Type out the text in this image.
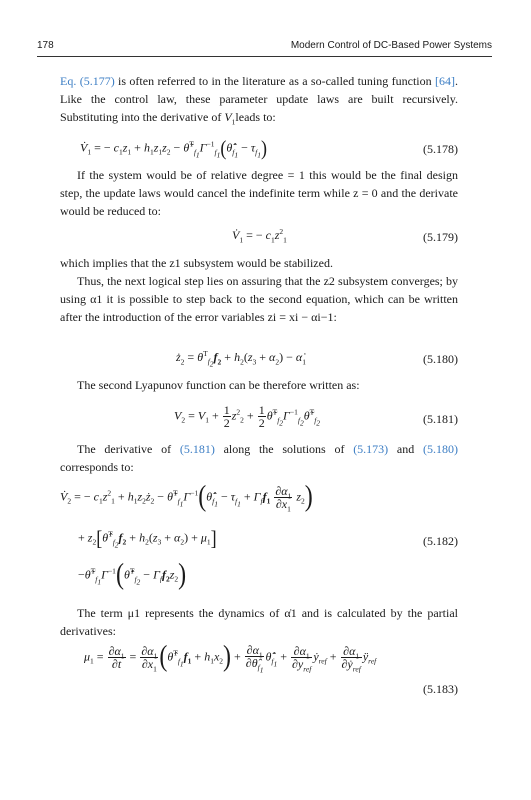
178	Modern Control of DC-Based Power Systems
Eq. (5.177) is often referred to in the literature as a so-called tuning function [64]. Like the control law, these parameter update laws are built recursively. Substituting into the derivative of $V_1leads$ to:
$V̇_1$ = − $c_1z_1 + h_1z_1z_2$ − $\thetã^T_{f_1}\Gamma^{-1}_{f_1}(\thetâ̇_{f_1} - \tau_{f_1})$	(5.178)
If the system would be of relative degree = 1 this would be the final design step, the update laws would cancel the indefinite term while z = 0 and the derivate would be reduced to:
$V̇_1$ = − $c_1z^2_1$	(5.179)
which implies that the z1 subsystem would be stabilized.
Thus, the next logical step lies on assuring that the z2 subsystem converges; by using α1 it is possible to step back to the second equation, which can be written after the introduction of the error variables zi = xi − αi−1:
$ż_2 = \theta^T_{f_2}f_2 + h_2(z_3 + \alpha_2)$ − $\alphȧ_1$	(5.180)
The second Lyapunov function can be therefore written as:
$V_2 = V_1 + \frac{1}{2} z^2_2 + \frac{1}{2}$ $\thetã^T_{f_2}\Gamma^{-1}_{f_2}\thetã^T_{f_2}$	(5.181)
The derivative of (5.181) along the solutions of (5.173) and (5.180) corresponds to:
$V̇_2$ = − $c_1z^2_1$ + $h_1z_2ż_2$ − $\thetã^T_{f_1}\Gamma^{-1}(\thetâ̇_{f_1} - \tau_{f_1} + \Gamma_ff_1 \frac{\partial\alpha_1}{\partial x_1} z_2)$
+ $z_2[\thetâ^T_{f_2}f_2 + h_2(z_3 + \alpha_2) + \mu_1]$
$-\thetã^T_{f_1}\Gamma^{-1}(\thetâ̇^T_{f_2} - \Gamma_ff_2z_2)$
(5.182)
The term μ1 represents the dynamics of α̇1 and is calculated by the partial derivatives:
$\mu_1 = \frac{\partial\alpha_1}{\partial t} = \frac{\partial\alpha_1}{\partial x_1}$ $(\thetâ^T_{f_1}f_1 + h_1x_2) + \frac{\partial\alpha_1}{\partial\thetâ_{f_1}}$ $\thetâ̇_{f_1} + \frac{\partial\alpha_1}{\partial y_{ref}}$ ẏ$_{ref}$ + $\frac{\partial\alpha_1}{\partial ẏ_{ref}}$ $ÿ_{ref}$
(5.183)
